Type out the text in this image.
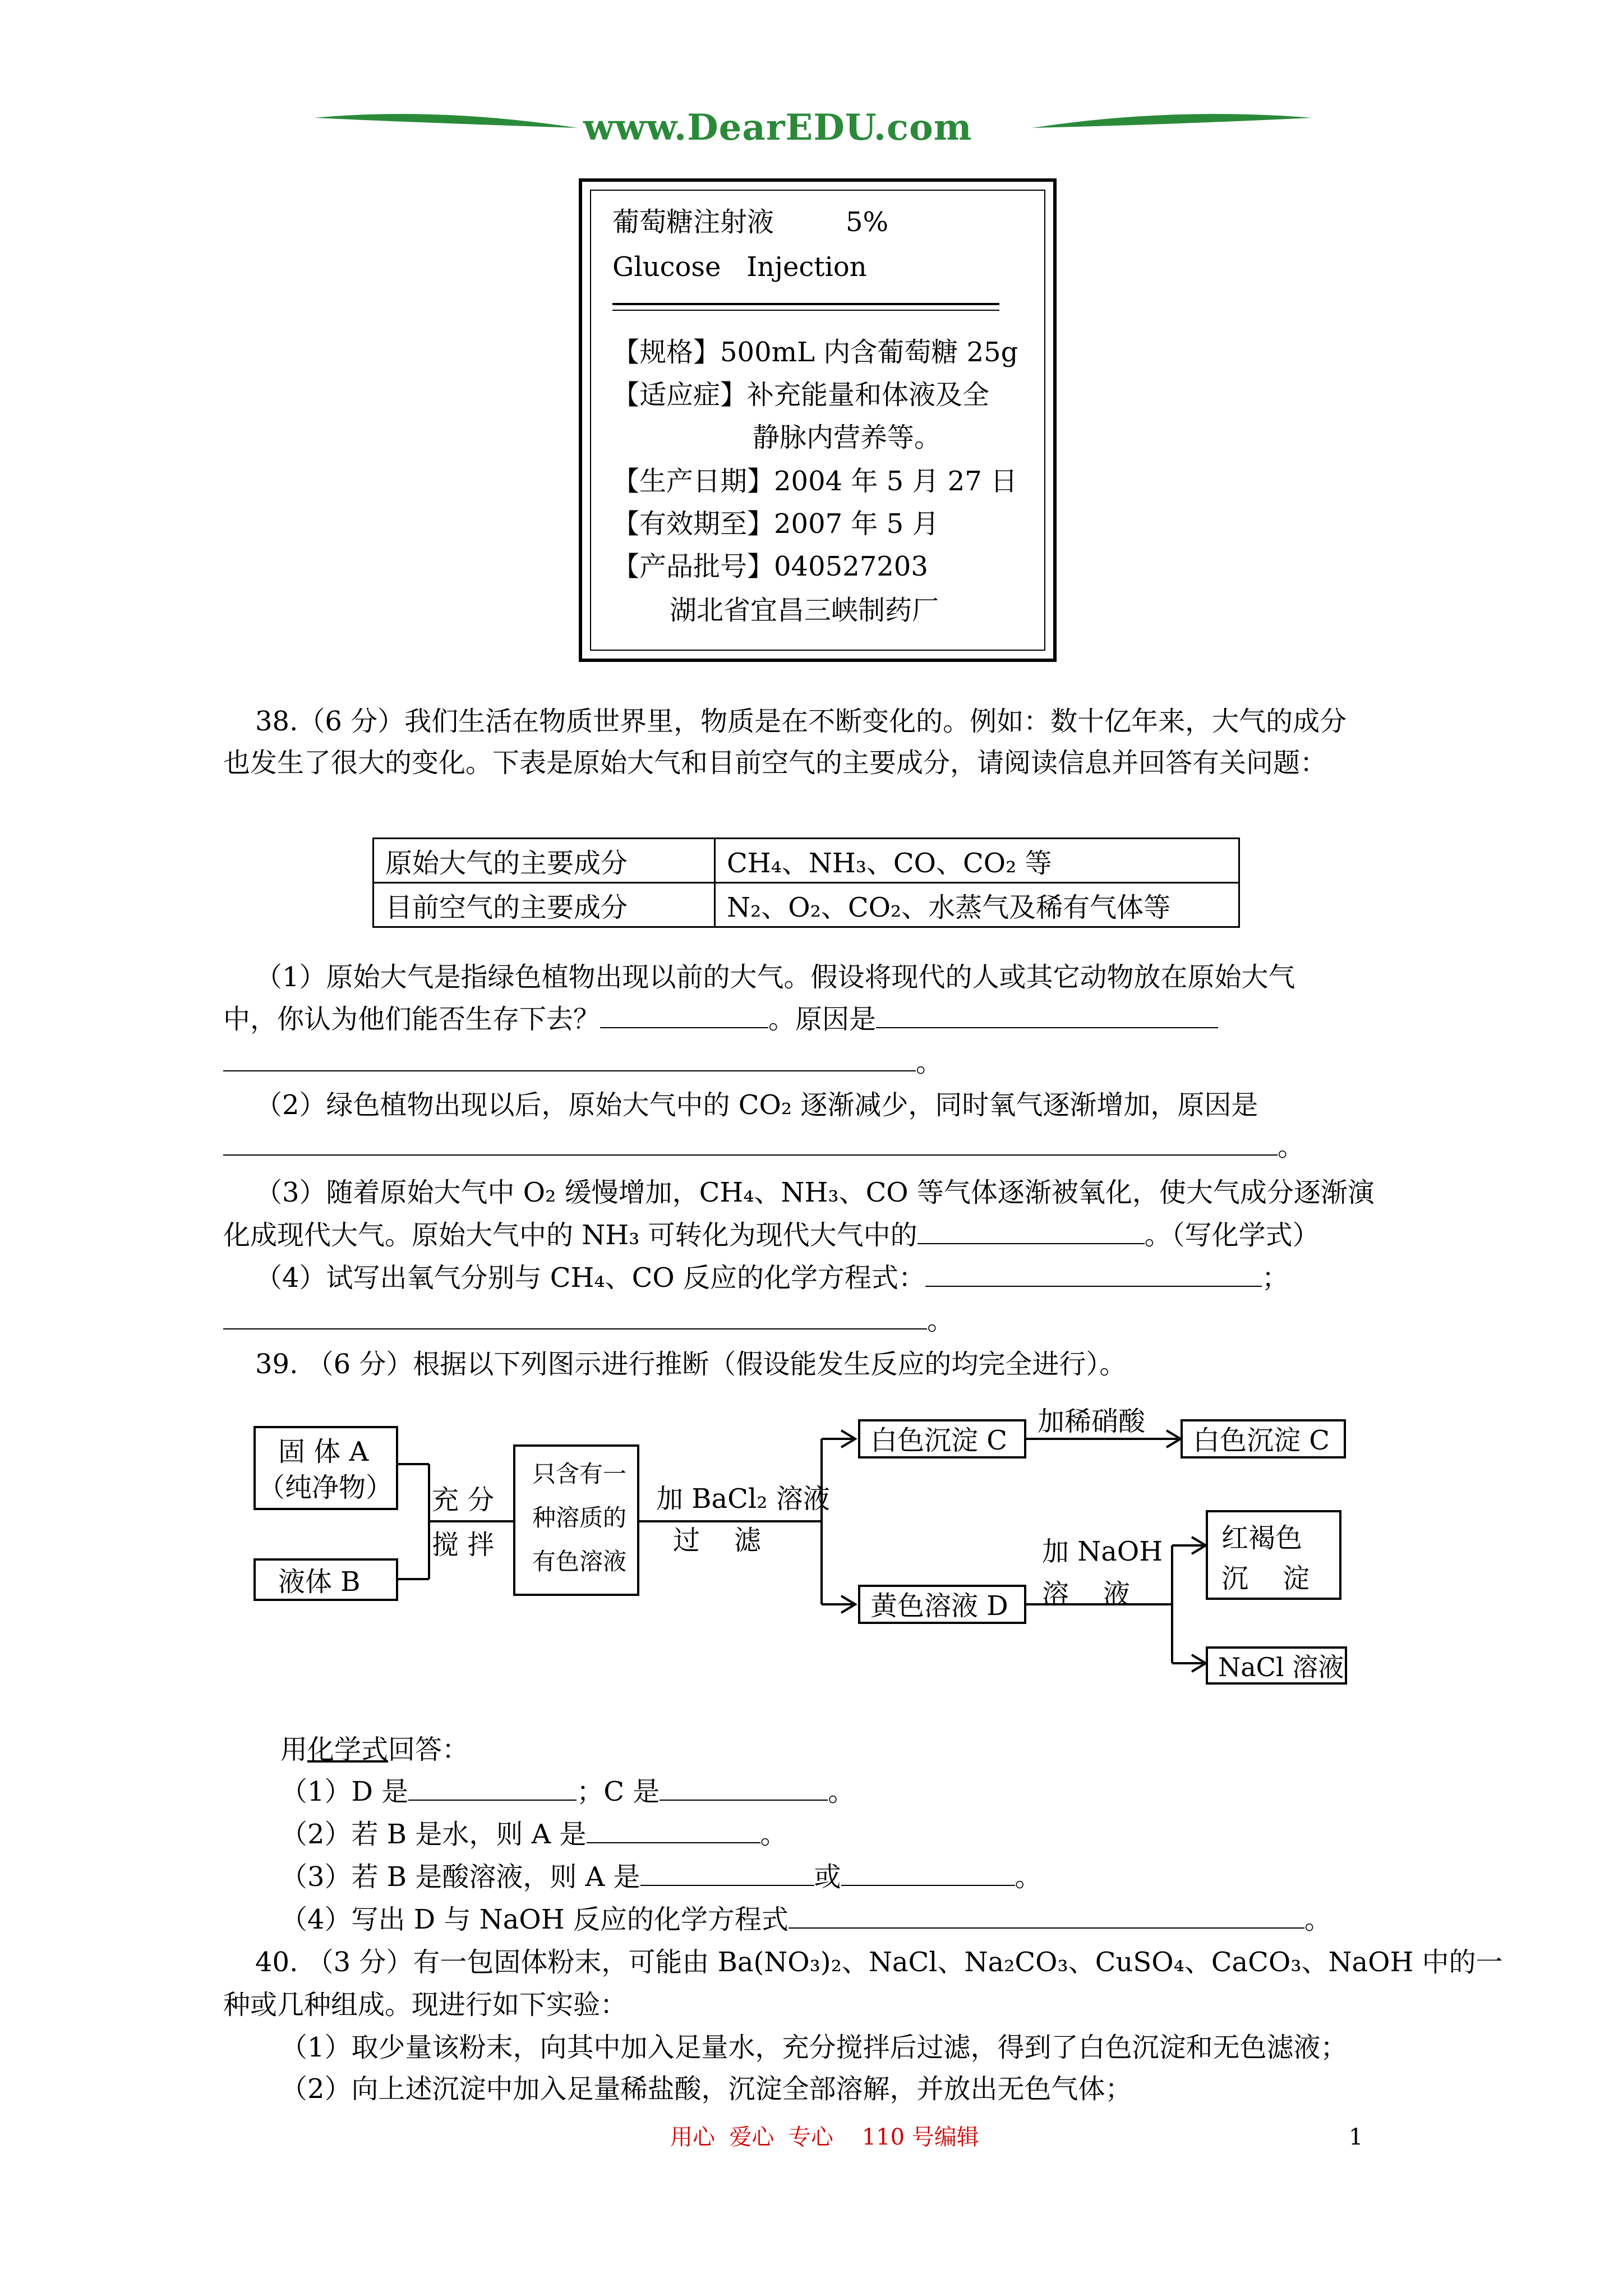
www.DearEDU.com
葡萄糖注射液	5%
Glucose   Injection
【规格】500mL 内含葡萄糖 25g
【适应症】补充能量和体液及全
静脉内营养等。
【生产日期】2004 年 5 月 27 日
【有效期至】2007 年 5 月
【产品批号】040527203
湖北省宜昌三峡制药厂
38.（6 分）我们生活在物质世界里，物质是在不断变化的。例如：数十亿年来，大气的成分
也发生了很大的变化。下表是原始大气和目前空气的主要成分，请阅读信息并回答有关问题：
原始大气的主要成分	CH₄、NH₃、CO、CO₂ 等
目前空气的主要成分	N₂、O₂、CO₂、水蒸气及稀有气体等
（1）原始大气是指绿色植物出现以前的大气。假设将现代的人或其它动物放在原始大气
中，你认为他们能否生存下去？	。原因是
。
（2）绿色植物出现以后，原始大气中的 CO₂ 逐渐减少，同时氧气逐渐增加，原因是
。
（3）随着原始大气中 O₂ 缓慢增加，CH₄、NH₃、CO 等气体逐渐被氧化，使大气成分逐渐演
化成现代大气。原始大气中的 NH₃ 可转化为现代大气中的	。（写化学式）
（4）试写出氧气分别与 CH₄、CO 反应的化学方程式：	；
。
39. （6 分）根据以下列图示进行推断（假设能发生反应的均完全进行）。
固 体 A
（纯净物）
液体 B
充 分
搅 拌
只含有一
种溶质的
有色溶液
加 BaCl₂ 溶液
过    滤
白色沉淀 C
加稀硝酸
白色沉淀 C
黄色溶液 D
加 NaOH
溶    液
红褐色
沉    淀
NaCl 溶液
用化学式回答：
（1）D 是	；C 是	。
（2）若 B 是水，则 A 是	。
（3）若 B 是酸溶液，则 A 是	或	。
（4）写出 D 与 NaOH 反应的化学方程式	。
40. （3 分）有一包固体粉末，可能由 Ba(NO₃)₂、NaCl、Na₂CO₃、CuSO₄、CaCO₃、NaOH 中的一
种或几种组成。现进行如下实验：
（1）取少量该粉末，向其中加入足量水，充分搅拌后过滤，得到了白色沉淀和无色滤液；
（2）向上述沉淀中加入足量稀盐酸，沉淀全部溶解，并放出无色气体；
用心  爱心  专心    110 号编辑	1
